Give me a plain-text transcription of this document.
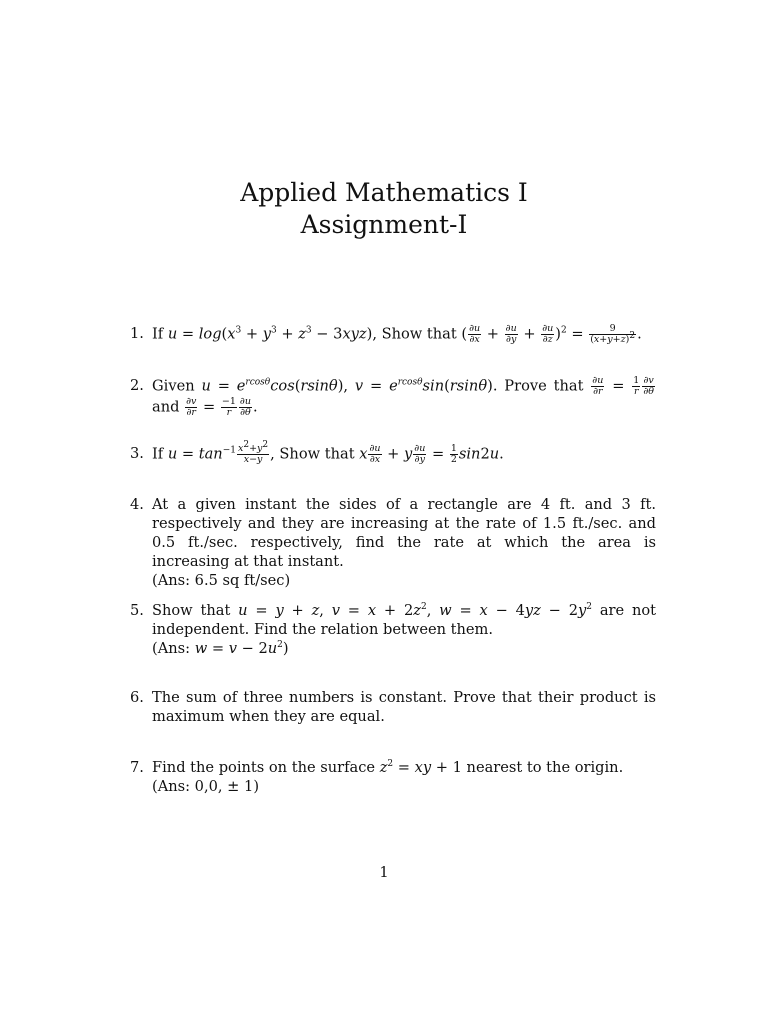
Applied Mathematics I
Assignment-I
1. If $u = \log(x^3 + y^3 + z^3 - 3xyz)$, Show that ( $\frac{\partial u}{\partial x} + \frac{\partial u}{\partial y} + \frac{\partial u}{\partial z} )^2 = \frac{9}{(x+y+z)^2}$ .
2. Given $u = e^{rcos\theta}\cos(rsin\theta)$, $v = e^{rcos\theta}\sin(rsin\theta)$. Prove that $\frac{\partial u}{\partial r} = \frac{1}{r} \frac{\partial v}{\partial\theta}$
and $\frac{\partial v}{\partial r} = \frac{-1}{r} \frac{\partial u}{\partial\theta}$ .
3. If $u = \tan^{-1} \frac{x^2+y^2}{x-y}$ , Show that x $\frac{\partial u}{\partial x} + y \frac{\partial u}{\partial y} = \frac{1}{2} \sin 2u$.
4. At a given instant the sides of a rectangle are 4 ft. and 3 ft. respectively and they are increasing at the rate of 1.5 ft./sec. and 0.5 ft./sec. respectively, find the rate at which the area is increasing at that instant.
(Ans: 6.5 sq ft/sec)
5. Show that u = y + z, $v = x + 2z^2$, $w = x - 4yz - 2y^2$ are not independent. Find the relation between them.
(Ans: $w = v - 2u^2$)
6. The sum of three numbers is constant. Prove that their product is maximum when they are equal.
7. Find the points on the surface $z^2$ = xy + 1 nearest to the origin.
(Ans: 0,0, ± 1)
1
